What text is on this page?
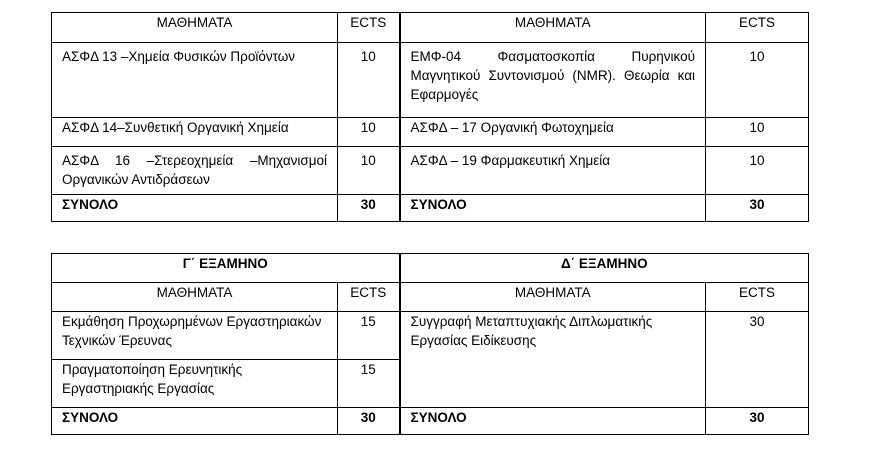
ΜΑΘΗΜΑΤΑ	ECTS	ΜΑΘΗΜΑΤΑ	ECTS
ΑΣΦΔ 13 –Χημεία Φυσικών Προϊόντων	10	ΕΜΦ-04 Φασματοσκοπία Πυρηνικού Μαγνητικού Συντονισμού (NMR). Θεωρία και Εφαρμογές	10
ΑΣΦΔ 14–Συνθετική Οργανική Χημεία	10	ΑΣΦΔ – 17 Οργανική Φωτοχημεία	10
ΑΣΦΔ 16 –Στερεοχημεία –Μηχανισμοί Οργανικών Αντιδράσεων	10	ΑΣΦΔ – 19 Φαρμακευτική Χημεία	10
ΣΥΝΟΛΟ	30	ΣΥΝΟΛΟ	30
Γ΄ ΕΞΑΜΗΝΟ		Δ΄ ΕΞΑΜΗΝΟ	
ΜΑΘΗΜΑΤΑ	ECTS	ΜΑΘΗΜΑΤΑ	ECTS
Εκμάθηση Προχωρημένων Εργαστηριακών Τεχνικών Έρευνας	15	Συγγραφή Μεταπτυχιακής Διπλωματικής Εργασίας Ειδίκευσης	30
Πραγματοποίηση Ερευνητικής Εργαστηριακής Εργασίας	15		
ΣΥΝΟΛΟ	30	ΣΥΝΟΛΟ	30
